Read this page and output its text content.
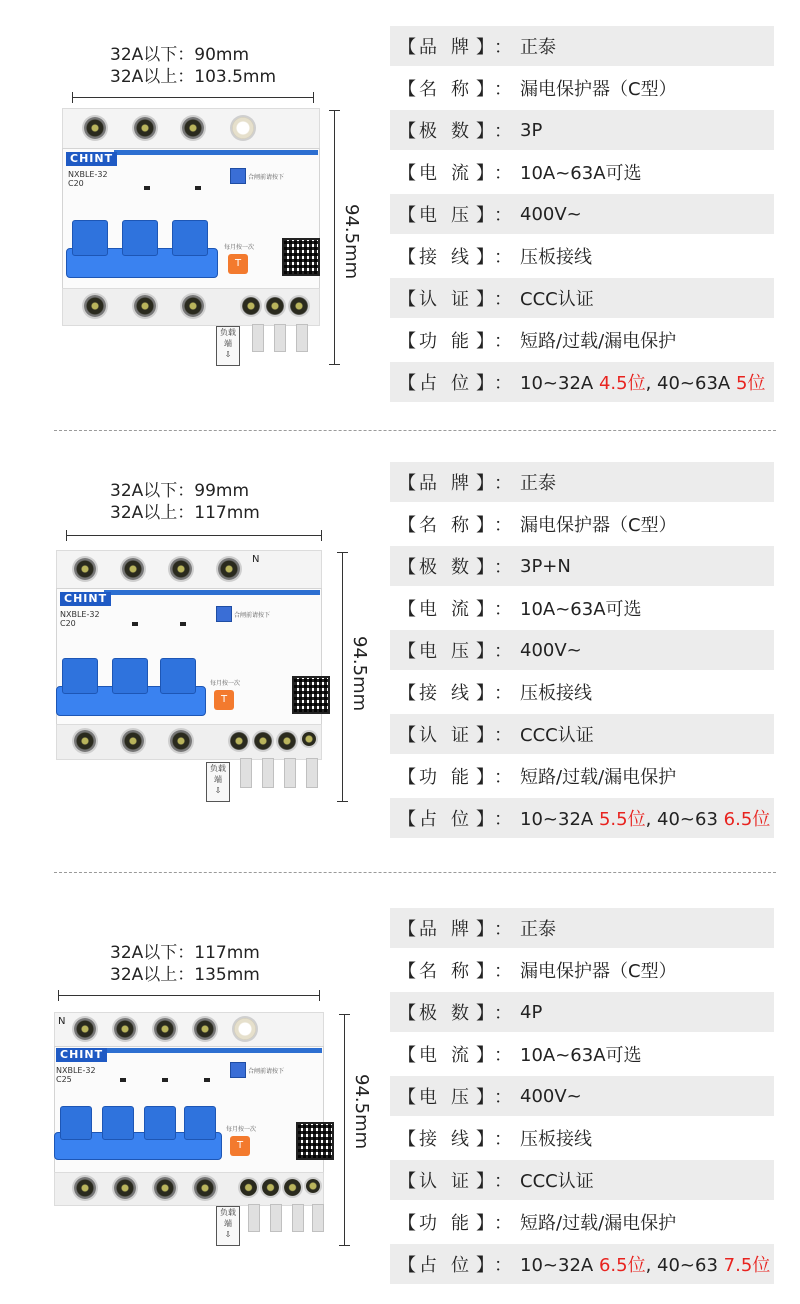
32A以下：90mm
32A以上：103.5mm
94.5mm
CHINT
NXBLE-32
C20
合闸前请按下
每月按一次
T
负载端
⇩
【 品 牌 】 ： 正泰
【 名 称 】 ： 漏电保护器（C型）
【 极 数 】 ： 3P
【 电 流 】 ： 10A~63A可选
【 电 压 】 ： 400V~
【 接 线 】 ： 压板接线
【 认 证 】 ： CCC认证
【 功 能 】 ： 短路/过载/漏电保护
【 占 位 】 ： 10~32A 4.5位, 40~63A 5位
32A以下：99mm
32A以上：117mm
94.5mm
N
CHINT
NXBLE-32
C20
合闸前请按下
每月按一次
T
负载端
⇩
【 品 牌 】 ： 正泰
【 名 称 】 ： 漏电保护器（C型）
【 极 数 】 ： 3P+N
【 电 流 】 ： 10A~63A可选
【 电 压 】 ： 400V~
【 接 线 】 ： 压板接线
【 认 证 】 ： CCC认证
【 功 能 】 ： 短路/过载/漏电保护
【 占 位 】 ： 10~32A 5.5位, 40~63 6.5位
32A以下：117mm
32A以上：135mm
94.5mm
N
CHINT
NXBLE-32
C25
合闸前请按下
每月按一次
T
负载端
⇩
【 品 牌 】 ： 正泰
【 名 称 】 ： 漏电保护器（C型）
【 极 数 】 ： 4P
【 电 流 】 ： 10A~63A可选
【 电 压 】 ： 400V~
【 接 线 】 ： 压板接线
【 认 证 】 ： CCC认证
【 功 能 】 ： 短路/过载/漏电保护
【 占 位 】 ： 10~32A 6.5位, 40~63 7.5位
